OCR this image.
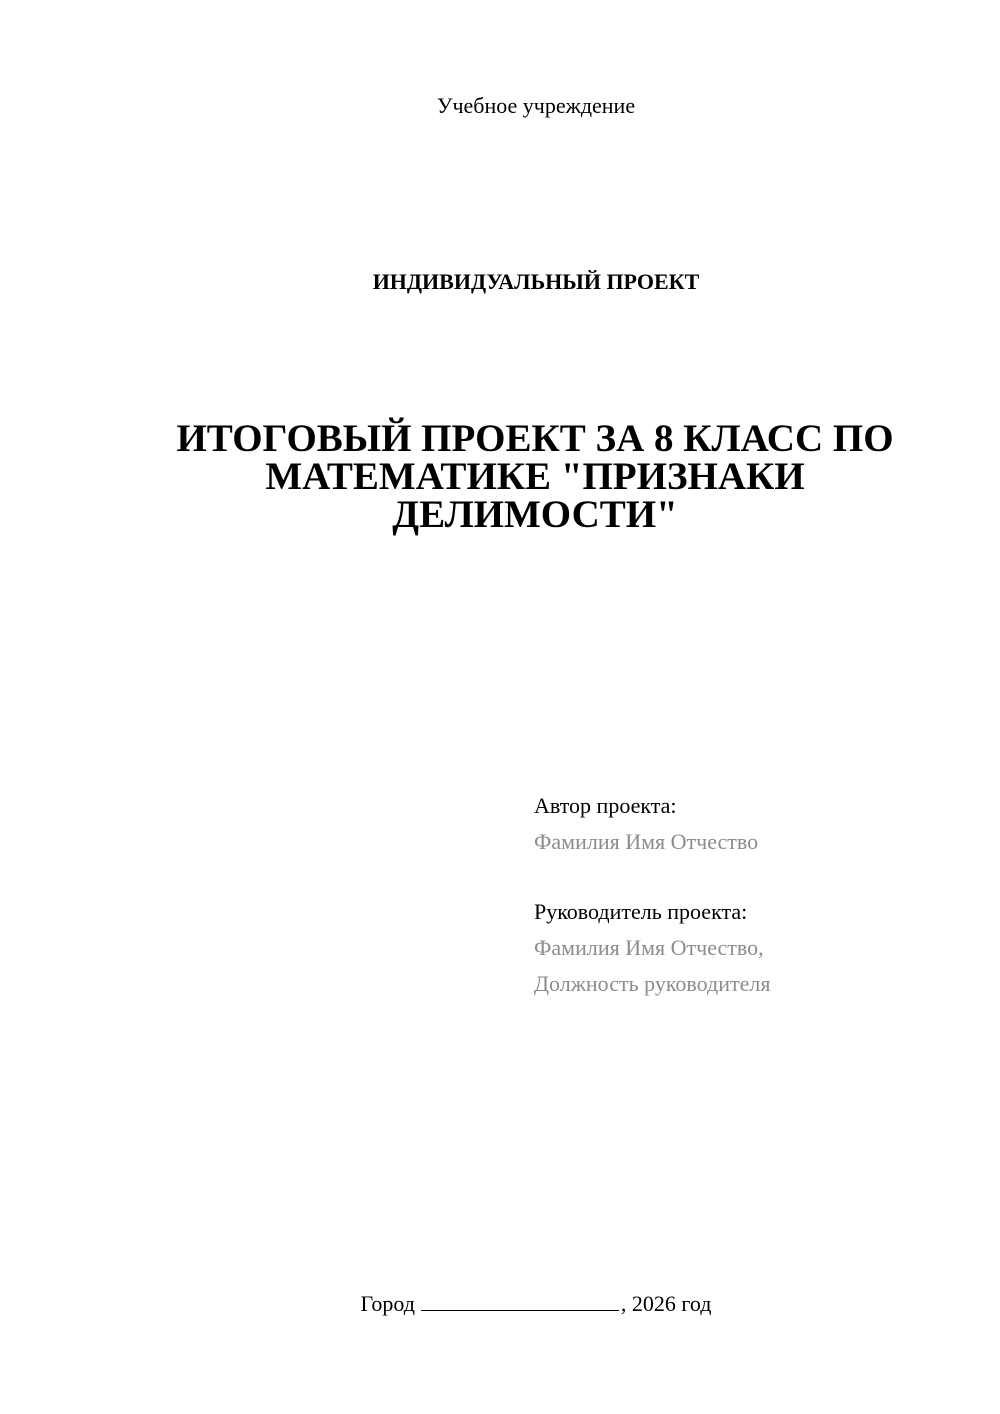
Учебное учреждение
ИНДИВИДУАЛЬНЫЙ ПРОЕКТ
ИТОГОВЫЙ ПРОЕКТ ЗА 8 КЛАСС ПО
МАТЕМАТИКЕ "ПРИЗНАКИ
ДЕЛИМОСТИ"
Автор проекта:
Фамилия Имя Отчество
Руководитель проекта:
Фамилия Имя Отчество,
Должность руководителя
Город	, 2026 год
